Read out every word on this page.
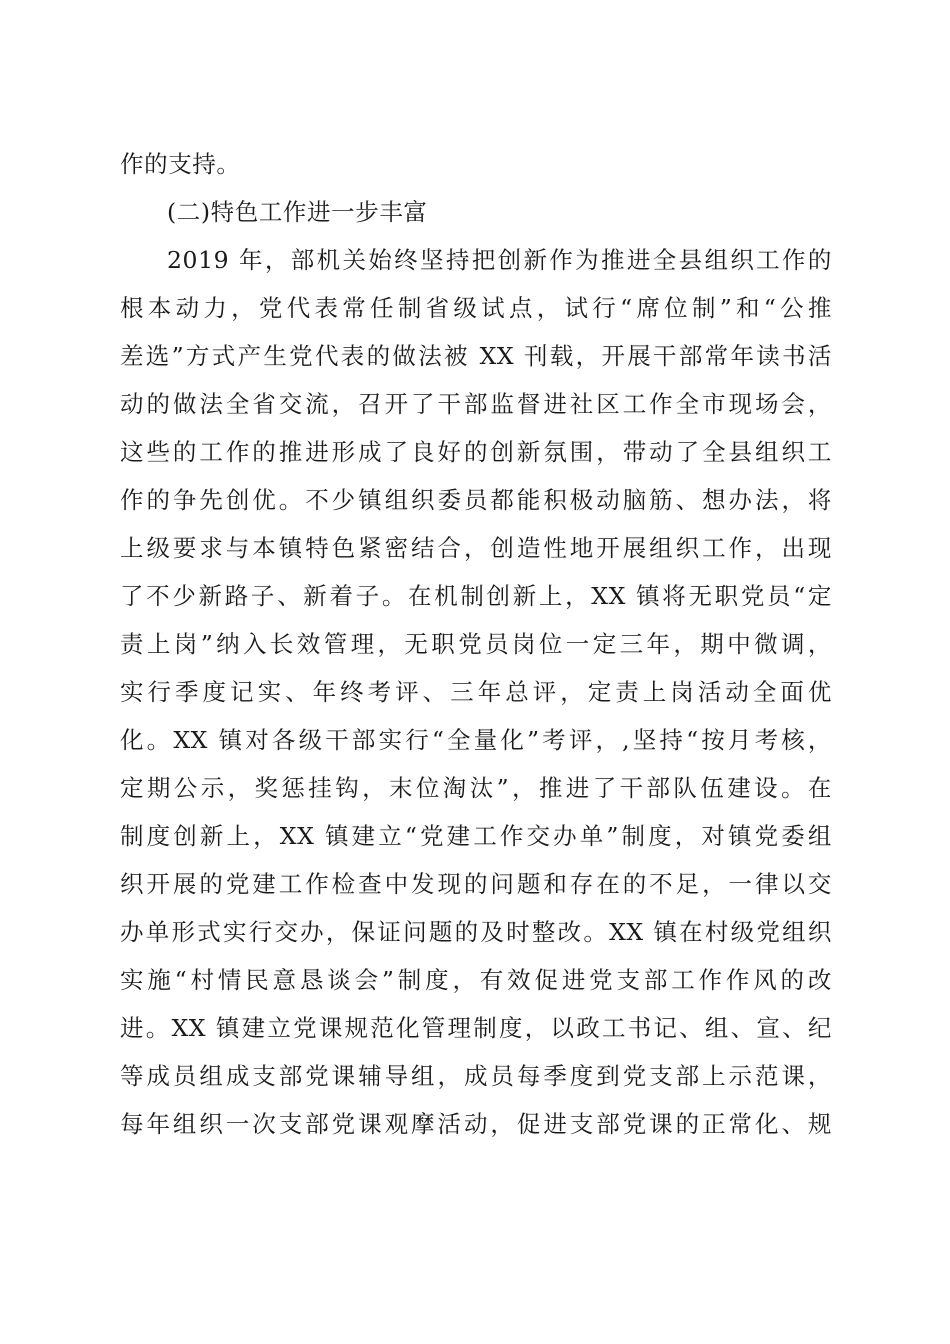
作的支持。
(二)特色工作进一步丰富
2019 年，部机关始终坚持把创新作为推进全县组织工作的
根本动力，党代表常任制省级试点，试行“席位制”和“公推
差选”方式产生党代表的做法被 XX 刊载，开展干部常年读书活
动的做法全省交流，召开了干部监督进社区工作全市现场会，
这些的工作的推进形成了良好的创新氛围，带动了全县组织工
作的争先创优。不少镇组织委员都能积极动脑筋、想办法，将
上级要求与本镇特色紧密结合，创造性地开展组织工作，出现
了不少新路子、新着子。在机制创新上，XX 镇将无职党员“定
责上岗”纳入长效管理，无职党员岗位一定三年，期中微调，
实行季度记实、年终考评、三年总评，定责上岗活动全面优
化。XX 镇对各级干部实行“全量化”考评，,坚持“按月考核，
定期公示，奖惩挂钩，末位淘汰”，推进了干部队伍建设。在
制度创新上，XX 镇建立“党建工作交办单”制度，对镇党委组
织开展的党建工作检查中发现的问题和存在的不足，一律以交
办单形式实行交办，保证问题的及时整改。XX 镇在村级党组织
实施“村情民意恳谈会”制度，有效促进党支部工作作风的改
进。XX 镇建立党课规范化管理制度，以政工书记、组、宣、纪
等成员组成支部党课辅导组，成员每季度到党支部上示范课，
每年组织一次支部党课观摩活动，促进支部党课的正常化、规
